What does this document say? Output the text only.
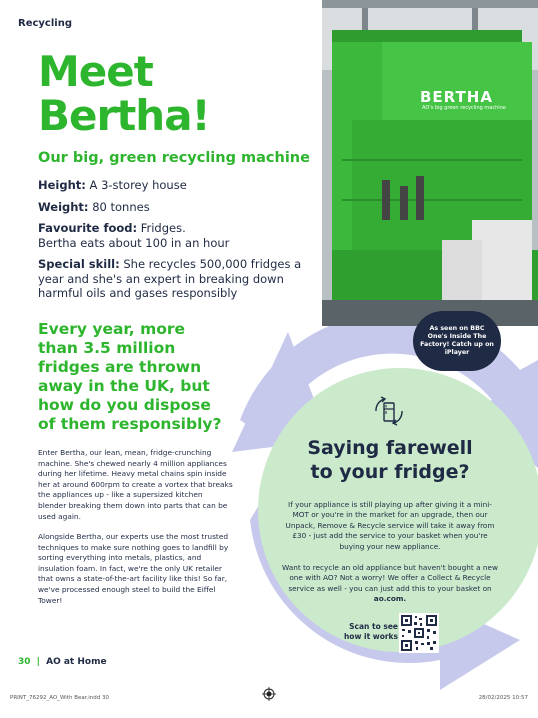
Recycling
Meet
Bertha!
Our big, green recycling machine
Height: A 3-storey house
Weight: 80 tonnes
Favourite food: Fridges.
Bertha eats about 100 in an hour
Special skill: She recycles 500,000 fridges a year and she's an expert in breaking down harmful oils and gases responsibly
Every year, more than 3.5 million fridges are thrown away in the UK, but how do you dispose of them responsibly?
Enter Bertha, our lean, mean, fridge-crunching machine. She's chewed nearly 4 million appliances during her lifetime. Heavy metal chains spin inside her at around 600rpm to create a vortex that breaks the appliances up - like a supersized kitchen blender breaking them down into parts that can be used again.
Alongside Bertha, our experts use the most trusted techniques to make sure nothing goes to landfill by sorting everything into metals, plastics, and insulation foam. In fact, we're the only UK retailer that owns a state-of-the-art facility like this! So far, we've processed enough steel to build the Eiffel Tower!
BERTHA
AO's big green recycling machine
As seen on BBC One's Inside The Factory! Catch up on iPlayer
Saying farewell
to your fridge?
If your appliance is still playing up after giving it a mini-MOT or you're in the market for an upgrade, then our Unpack, Remove & Recycle service will take it away from £30 - just add the service to your basket when you're buying your new appliance.
Want to recycle an old appliance but haven't bought a new one with AO? Not a worry! We offer a Collect & Recycle service as well - you can just add this to your basket on ao.com.
Scan to see
how it works
30 | AO at Home
PRINT_76292_AO_With Bear.indd 30	28/02/2025 10:57
